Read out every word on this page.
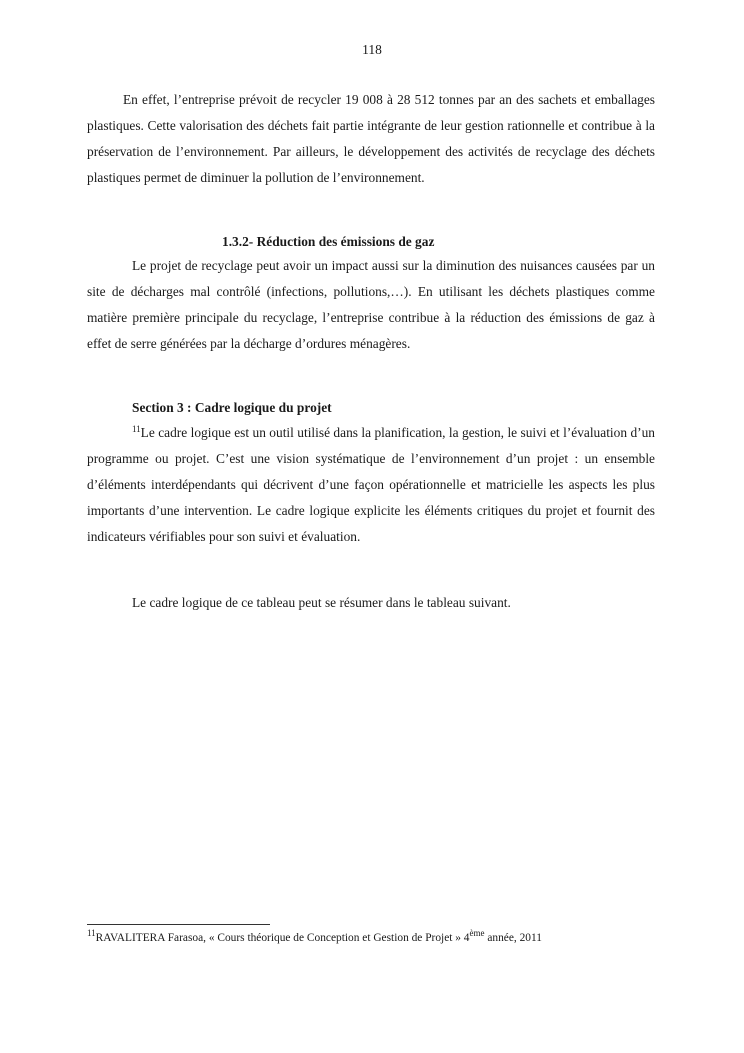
118

En effet, l’entreprise prévoit de recycler 19 008 à 28 512 tonnes par an des sachets et emballages plastiques. Cette valorisation des déchets fait partie intégrante de leur gestion rationnelle et contribue à la préservation de l’environnement. Par ailleurs, le développement des activités de recyclage des déchets plastiques permet de diminuer la pollution de l’environnement.

1.3.2- Réduction des émissions de gaz

Le projet de recyclage peut avoir un impact aussi sur la diminution des nuisances causées par un site de décharges mal contrôlé (infections, pollutions,…). En utilisant les déchets plastiques comme matière première principale du recyclage, l’entreprise contribue à la réduction des émissions de gaz à effet de serre générées par la décharge d’ordures ménagères.

Section 3 : Cadre logique du projet

$^{11}$Le cadre logique est un outil utilisé dans la planification, la gestion, le suivi et l’évaluation d’un programme ou projet. C’est une vision systématique de l’environnement d’un projet : un ensemble d’éléments interdépendants qui décrivent d’une façon opérationnelle et matricielle les aspects les plus importants d’une intervention. Le cadre logique explicite les éléments critiques du projet et fournit des indicateurs vérifiables pour son suivi et évaluation.

Le cadre logique de ce tableau peut se résumer dans le tableau suivant.

$^{11}$RAVALITERA Farasoa, « Cours théorique de Conception et Gestion de Projet » 4ème année, 2011
